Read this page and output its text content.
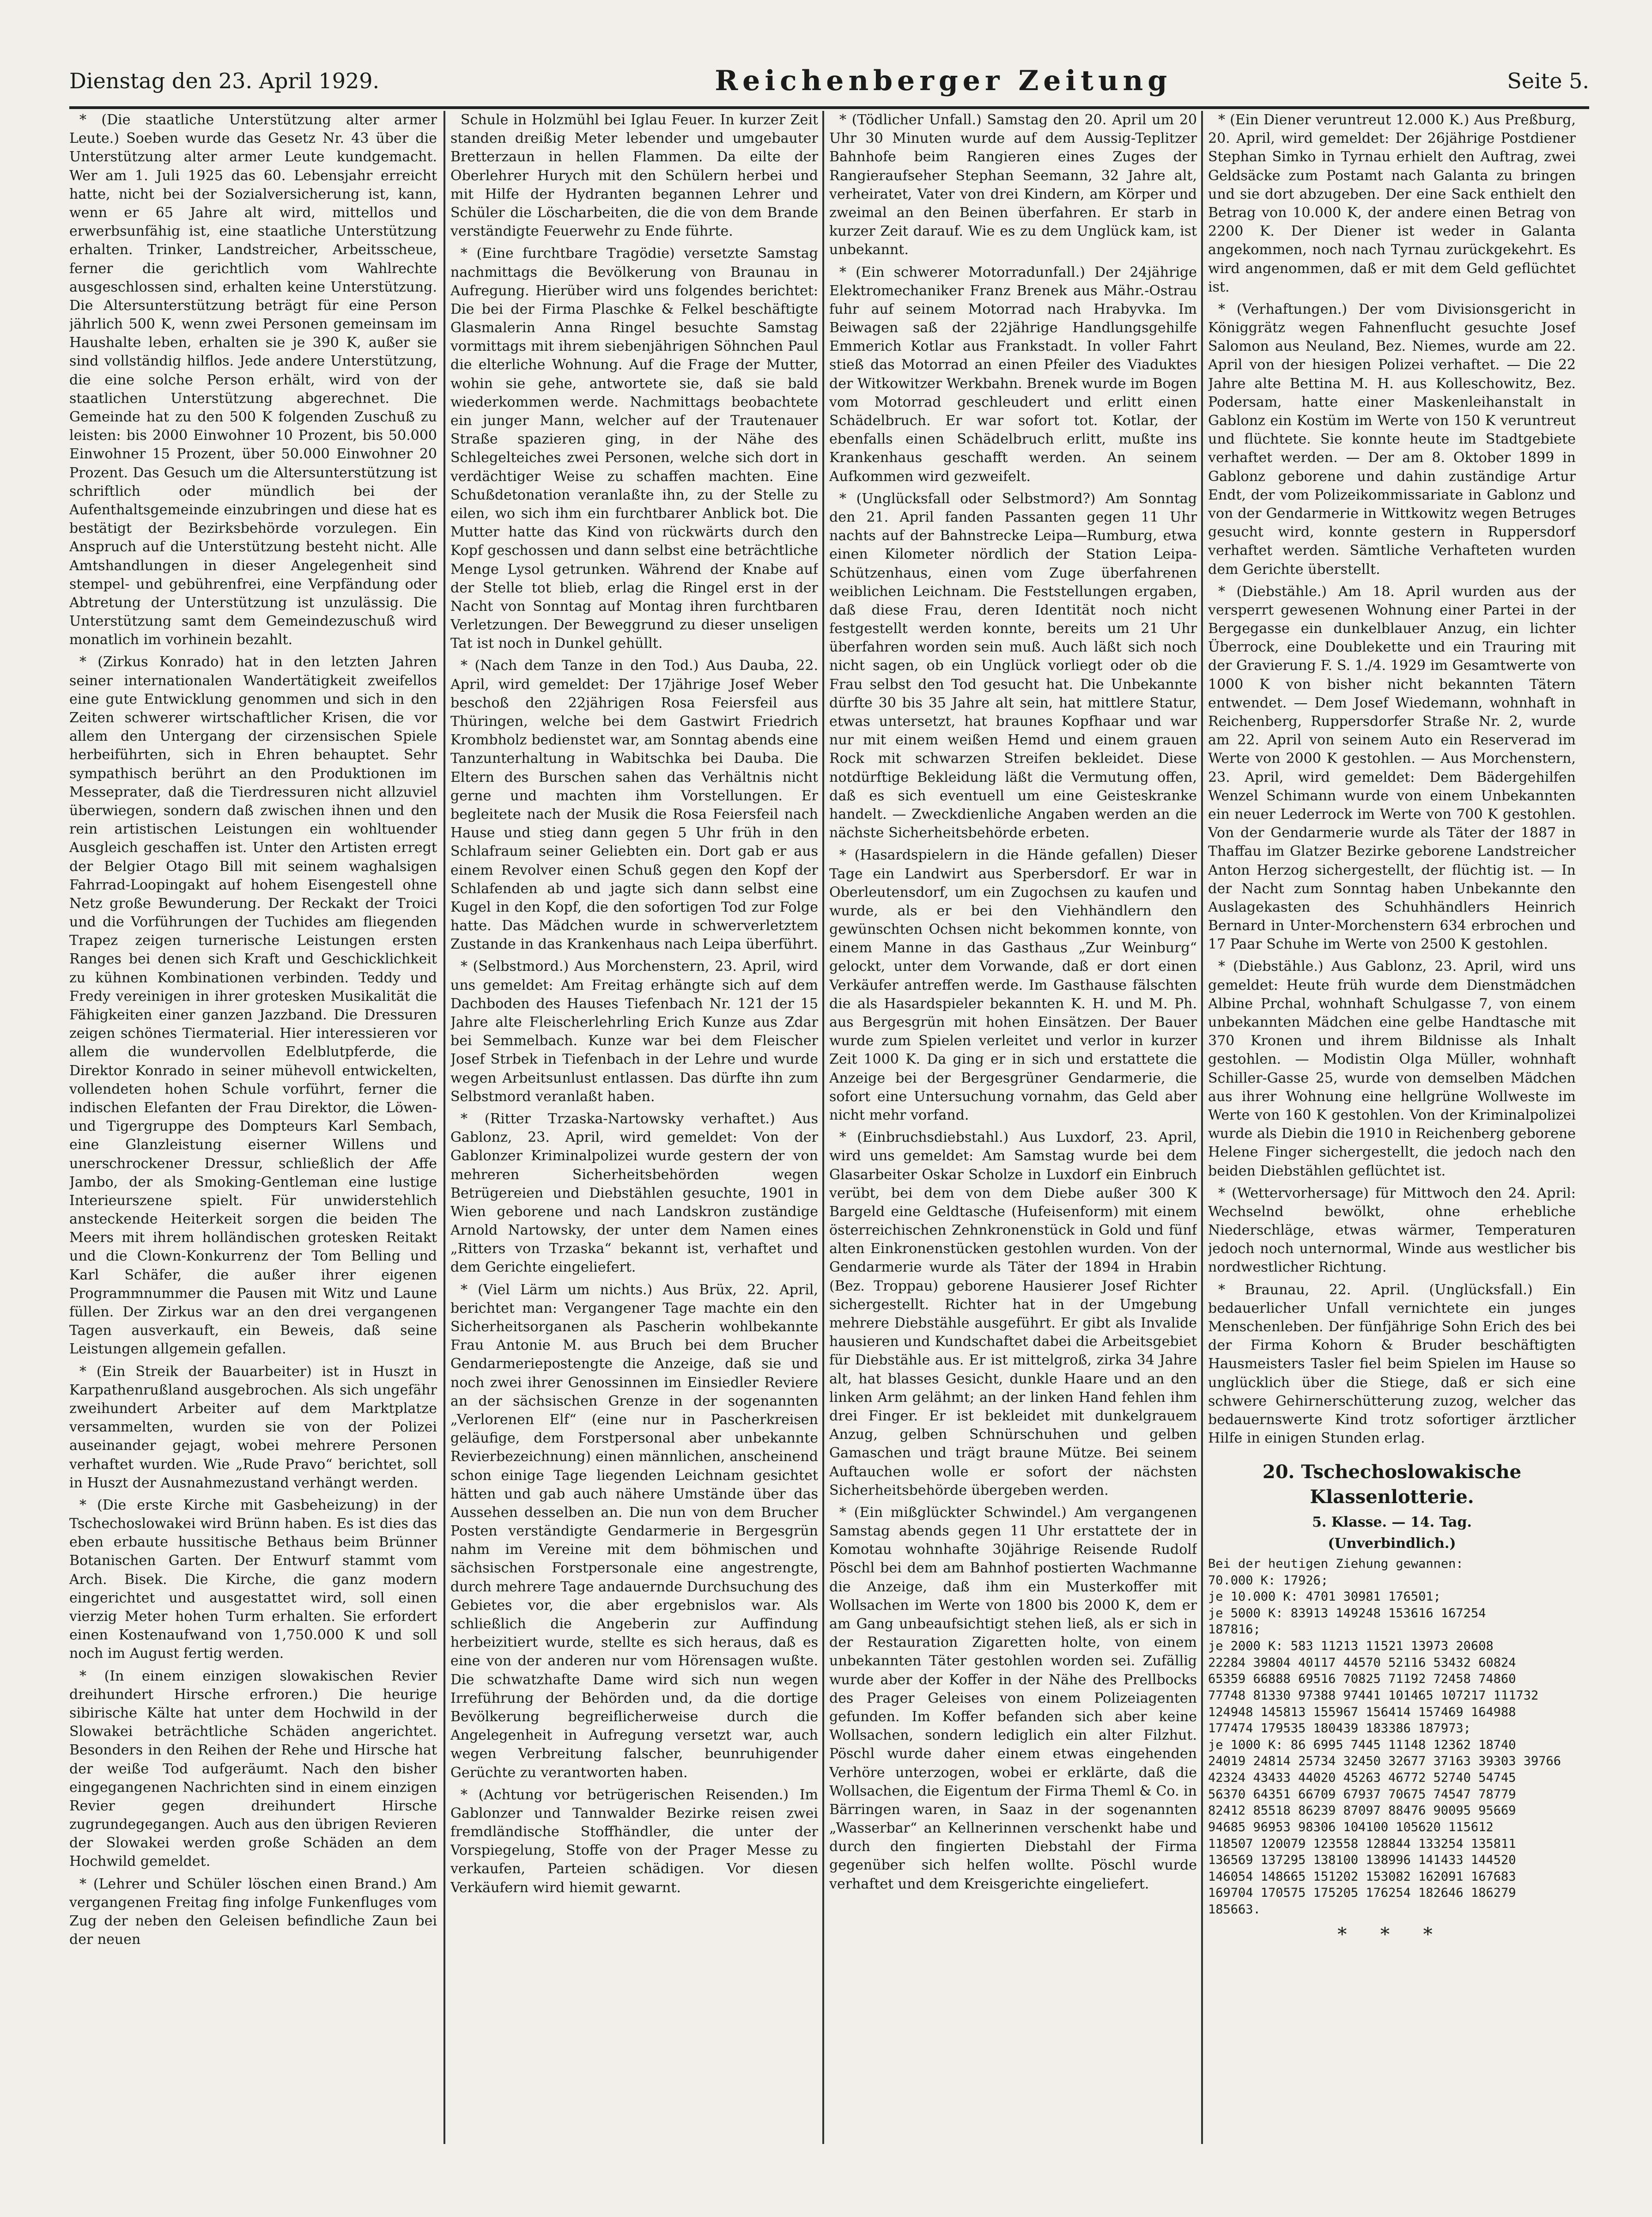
Dienstag den 23. April 1929.	Reichenberger Zeitung	Seite 5.

* (Die staatliche Unterstützung alter armer Leute.) Soeben wurde das Gesetz Nr. 43 über die Unterstützung alter armer Leute kundgemacht. Wer am 1. Juli 1925 das 60. Lebensjahr erreicht hatte, nicht bei der Sozialversicherung ist, kann, wenn er 65 Jahre alt wird, mittellos und erwerbsunfähig ist, eine staatliche Unterstützung erhalten. Trinker, Landstreicher, Arbeitsscheue, ferner die gerichtlich vom Wahlrechte ausgeschlossen sind, erhalten keine Unterstützung. Die Altersunterstützung beträgt für eine Person jährlich 500 K, wenn zwei Personen gemeinsam im Haushalte leben, erhalten sie je 390 K, außer sie sind vollständig hilflos. Jede andere Unterstützung, die eine solche Person erhält, wird von der staatlichen Unterstützung abgerechnet. Die Gemeinde hat zu den 500 K folgenden Zuschuß zu leisten: bis 2000 Einwohner 10 Prozent, bis 50.000 Einwohner 15 Prozent, über 50.000 Einwohner 20 Prozent. Das Gesuch um die Altersunterstützung ist schriftlich oder mündlich bei der Aufenthaltsgemeinde einzubringen und diese hat es bestätigt der Bezirksbehörde vorzulegen. Ein Anspruch auf die Unterstützung besteht nicht. Alle Amtshandlungen in dieser Angelegenheit sind stempel- und gebührenfrei, eine Verpfändung oder Abtretung der Unterstützung ist unzulässig. Die Unterstützung samt dem Gemeindezuschuß wird monatlich im vorhinein bezahlt.

* (Zirkus Konrado) hat in den letzten Jahren seiner internationalen Wandertätigkeit zweifellos eine gute Entwicklung genommen und sich in den Zeiten schwerer wirtschaftlicher Krisen, die vor allem den Untergang der cirzensischen Spiele herbeiführten, sich in Ehren behauptet. Sehr sympathisch berührt an den Produktionen im Messeprater, daß die Tierdressuren nicht allzuviel überwiegen, sondern daß zwischen ihnen und den rein artistischen Leistungen ein wohltuender Ausgleich geschaffen ist. Unter den Artisten erregt der Belgier Otago Bill mit seinem waghalsigen Fahrrad-Loopingakt auf hohem Eisengestell ohne Netz große Bewunderung. Der Reckakt der Troici und die Vorführungen der Tuchides am fliegenden Trapez zeigen turnerische Leistungen ersten Ranges bei denen sich Kraft und Geschicklichkeit zu kühnen Kombinationen verbinden. Teddy und Fredy vereinigen in ihrer grotesken Musikalität die Fähigkeiten einer ganzen Jazzband. Die Dressuren zeigen schönes Tiermaterial. Hier interessieren vor allem die wundervollen Edelblutpferde, die Direktor Konrado in seiner mühevoll entwickelten, vollendeten hohen Schule vorführt, ferner die indischen Elefanten der Frau Direktor, die Löwen- und Tigergruppe des Dompteurs Karl Sembach, eine Glanzleistung eiserner Willens und unerschrockener Dressur, schließlich der Affe Jambo, der als Smoking-Gentleman eine lustige Interieurszene spielt. Für unwiderstehlich ansteckende Heiterkeit sorgen die beiden The Meers mit ihrem holländischen grotesken Reitakt und die Clown-Konkurrenz der Tom Belling und Karl Schäfer, die außer ihrer eigenen Programmnummer die Pausen mit Witz und Laune füllen. Der Zirkus war an den drei vergangenen Tagen ausverkauft, ein Beweis, daß seine Leistungen allgemein gefallen.

* (Ein Streik der Bauarbeiter) ist in Huszt in Karpathenrußland ausgebrochen. Als sich ungefähr zweihundert Arbeiter auf dem Marktplatze versammelten, wurden sie von der Polizei auseinander gejagt, wobei mehrere Personen verhaftet wurden. Wie „Rude Pravo“ berichtet, soll in Huszt der Ausnahmezustand verhängt werden.

* (Die erste Kirche mit Gasbeheizung) in der Tschechoslowakei wird Brünn haben. Es ist dies das eben erbaute hussitische Bethaus beim Brünner Botanischen Garten. Der Entwurf stammt vom Arch. Bisek. Die Kirche, die ganz modern eingerichtet und ausgestattet wird, soll einen vierzig Meter hohen Turm erhalten. Sie erfordert einen Kostenaufwand von 1,750.000 K und soll noch im August fertig werden.

* (In einem einzigen slowakischen Revier dreihundert Hirsche erfroren.) Die heurige sibirische Kälte hat unter dem Hochwild in der Slowakei beträchtliche Schäden angerichtet. Besonders in den Reihen der Rehe und Hirsche hat der weiße Tod aufgeräumt. Nach den bisher eingegangenen Nachrichten sind in einem einzigen Revier gegen dreihundert Hirsche zugrundegegangen. Auch aus den übrigen Revieren der Slowakei werden große Schäden an dem Hochwild gemeldet.

* (Lehrer und Schüler löschen einen Brand.) Am vergangenen Freitag fing infolge Funkenfluges vom Zug der neben den Geleisen befindliche Zaun bei der neuen

Schule in Holzmühl bei Iglau Feuer. In kurzer Zeit standen dreißig Meter lebender und umgebauter Bretterzaun in hellen Flammen. Da eilte der Oberlehrer Hurych mit den Schülern herbei und mit Hilfe der Hydranten begannen Lehrer und Schüler die Löscharbeiten, die die von dem Brande verständigte Feuerwehr zu Ende führte.

* (Eine furchtbare Tragödie) versetzte Samstag nachmittags die Bevölkerung von Braunau in Aufregung. Hierüber wird uns folgendes berichtet: Die bei der Firma Plaschke & Felkel beschäftigte Glasmalerin Anna Ringel besuchte Samstag vormittags mit ihrem siebenjährigen Söhnchen Paul die elterliche Wohnung. Auf die Frage der Mutter, wohin sie gehe, antwortete sie, daß sie bald wiederkommen werde. Nachmittags beobachtete ein junger Mann, welcher auf der Trautenauer Straße spazieren ging, in der Nähe des Schlegelteiches zwei Personen, welche sich dort in verdächtiger Weise zu schaffen machten. Eine Schußdetonation veranlaßte ihn, zu der Stelle zu eilen, wo sich ihm ein furchtbarer Anblick bot. Die Mutter hatte das Kind von rückwärts durch den Kopf geschossen und dann selbst eine beträchtliche Menge Lysol getrunken. Während der Knabe auf der Stelle tot blieb, erlag die Ringel erst in der Nacht von Sonntag auf Montag ihren furchtbaren Verletzungen. Der Beweggrund zu dieser unseligen Tat ist noch in Dunkel gehüllt.

* (Nach dem Tanze in den Tod.) Aus Dauba, 22. April, wird gemeldet: Der 17jährige Josef Weber beschoß den 22jährigen Rosa Feiersfeil aus Thüringen, welche bei dem Gastwirt Friedrich Krombholz bedienstet war, am Sonntag abends eine Tanzunterhaltung in Wabitschka bei Dauba. Die Eltern des Burschen sahen das Verhältnis nicht gerne und machten ihm Vorstellungen. Er begleitete nach der Musik die Rosa Feiersfeil nach Hause und stieg dann gegen 5 Uhr früh in den Schlafraum seiner Geliebten ein. Dort gab er aus einem Revolver einen Schuß gegen den Kopf der Schlafenden ab und jagte sich dann selbst eine Kugel in den Kopf, die den sofortigen Tod zur Folge hatte. Das Mädchen wurde in schwerverletztem Zustande in das Krankenhaus nach Leipa überführt.

* (Selbstmord.) Aus Morchenstern, 23. April, wird uns gemeldet: Am Freitag erhängte sich auf dem Dachboden des Hauses Tiefenbach Nr. 121 der 15 Jahre alte Fleischerlehrling Erich Kunze aus Zdar bei Semmelbach. Kunze war bei dem Fleischer Josef Strbek in Tiefenbach in der Lehre und wurde wegen Arbeitsunlust entlassen. Das dürfte ihn zum Selbstmord veranlaßt haben.

* (Ritter Trzaska-Nartowsky verhaftet.) Aus Gablonz, 23. April, wird gemeldet: Von der Gablonzer Kriminalpolizei wurde gestern der von mehreren Sicherheitsbehörden wegen Betrügereien und Diebstählen gesuchte, 1901 in Wien geborene und nach Landskron zuständige Arnold Nartowsky, der unter dem Namen eines „Ritters von Trzaska“ bekannt ist, verhaftet und dem Gerichte eingeliefert.

* (Viel Lärm um nichts.) Aus Brüx, 22. April, berichtet man: Vergangener Tage machte ein den Sicherheitsorganen als Pascherin wohlbekannte Frau Antonie M. aus Bruch bei dem Brucher Gendarmeriepostengte die Anzeige, daß sie und noch zwei ihrer Genossinnen im Einsiedler Reviere an der sächsischen Grenze in der sogenannten „Verlorenen Elf“ (eine nur in Pascherkreisen geläufige, dem Forstpersonal aber unbekannte Revierbezeichnung) einen männlichen, anscheinend schon einige Tage liegenden Leichnam gesichtet hätten und gab auch nähere Umstände über das Aussehen desselben an. Die nun von dem Brucher Posten verständigte Gendarmerie in Bergesgrün nahm im Vereine mit dem böhmischen und sächsischen Forstpersonale eine angestrengte, durch mehrere Tage andauernde Durchsuchung des Gebietes vor, die aber ergebnislos war. Als schließlich die Angeberin zur Auffindung herbeizitiert wurde, stellte es sich heraus, daß es eine von der anderen nur vom Hörensagen wußte. Die schwatzhafte Dame wird sich nun wegen Irreführung der Behörden und, da die dortige Bevölkerung begreiflicherweise durch die Angelegenheit in Aufregung versetzt war, auch wegen Verbreitung falscher, beunruhigender Gerüchte zu verantworten haben.

* (Achtung vor betrügerischen Reisenden.) Im Gablonzer und Tannwalder Bezirke reisen zwei fremdländische Stoffhändler, die unter der Vorspiegelung, Stoffe von der Prager Messe zu verkaufen, Parteien schädigen. Vor diesen Verkäufern wird hiemit gewarnt.

* (Tödlicher Unfall.) Samstag den 20. April um 20 Uhr 30 Minuten wurde auf dem Aussig-Teplitzer Bahnhofe beim Rangieren eines Zuges der Rangieraufseher Stephan Seemann, 32 Jahre alt, verheiratet, Vater von drei Kindern, am Körper und zweimal an den Beinen überfahren. Er starb in kurzer Zeit darauf. Wie es zu dem Unglück kam, ist unbekannt.

* (Ein schwerer Motorradunfall.) Der 24jährige Elektromechaniker Franz Brenek aus Mähr.-Ostrau fuhr auf seinem Motorrad nach Hrabyvka. Im Beiwagen saß der 22jährige Handlungsgehilfe Emmerich Kotlar aus Frankstadt. In voller Fahrt stieß das Motorrad an einen Pfeiler des Viaduktes der Witkowitzer Werkbahn. Brenek wurde im Bogen vom Motorrad geschleudert und erlitt einen Schädelbruch. Er war sofort tot. Kotlar, der ebenfalls einen Schädelbruch erlitt, mußte ins Krankenhaus geschafft werden. An seinem Aufkommen wird gezweifelt.

* (Unglücksfall oder Selbstmord?) Am Sonntag den 21. April fanden Passanten gegen 11 Uhr nachts auf der Bahnstrecke Leipa—Rumburg, etwa einen Kilometer nördlich der Station Leipa-Schützenhaus, einen vom Zuge überfahrenen weiblichen Leichnam. Die Feststellungen ergaben, daß diese Frau, deren Identität noch nicht festgestellt werden konnte, bereits um 21 Uhr überfahren worden sein muß. Auch läßt sich noch nicht sagen, ob ein Unglück vorliegt oder ob die Frau selbst den Tod gesucht hat. Die Unbekannte dürfte 30 bis 35 Jahre alt sein, hat mittlere Statur, etwas untersetzt, hat braunes Kopfhaar und war nur mit einem weißen Hemd und einem grauen Rock mit schwarzen Streifen bekleidet. Diese notdürftige Bekleidung läßt die Vermutung offen, daß es sich eventuell um eine Geisteskranke handelt. — Zweckdienliche Angaben werden an die nächste Sicherheitsbehörde erbeten.

* (Hasardspielern in die Hände gefallen) Dieser Tage ein Landwirt aus Sperbersdorf. Er war in Oberleutensdorf, um ein Zugochsen zu kaufen und wurde, als er bei den Viehhändlern den gewünschten Ochsen nicht bekommen konnte, von einem Manne in das Gasthaus „Zur Weinburg“ gelockt, unter dem Vorwande, daß er dort einen Verkäufer antreffen werde. Im Gasthause fälschten die als Hasardspieler bekannten K. H. und M. Ph. aus Bergesgrün mit hohen Einsätzen. Der Bauer wurde zum Spielen verleitet und verlor in kurzer Zeit 1000 K. Da ging er in sich und erstattete die Anzeige bei der Bergesgrüner Gendarmerie, die sofort eine Untersuchung vornahm, das Geld aber nicht mehr vorfand.

* (Einbruchsdiebstahl.) Aus Luxdorf, 23. April, wird uns gemeldet: Am Samstag wurde bei dem Glasarbeiter Oskar Scholze in Luxdorf ein Einbruch verübt, bei dem von dem Diebe außer 300 K Bargeld eine Geldtasche (Hufeisenform) mit einem österreichischen Zehnkronenstück in Gold und fünf alten Einkronenstücken gestohlen wurden. Von der Gendarmerie wurde als Täter der 1894 in Hrabin (Bez. Troppau) geborene Hausierer Josef Richter sichergestellt. Richter hat in der Umgebung mehrere Diebstähle ausgeführt. Er gibt als Invalide hausieren und Kundschaftet dabei die Arbeitsgebiet für Diebstähle aus. Er ist mittelgroß, zirka 34 Jahre alt, hat blasses Gesicht, dunkle Haare und an den linken Arm gelähmt; an der linken Hand fehlen ihm drei Finger. Er ist bekleidet mit dunkelgrauem Anzug, gelben Schnürschuhen und gelben Gamaschen und trägt braune Mütze. Bei seinem Auftauchen wolle er sofort der nächsten Sicherheitsbehörde übergeben werden.

* (Ein mißglückter Schwindel.) Am vergangenen Samstag abends gegen 11 Uhr erstattete der in Komotau wohnhafte 30jährige Reisende Rudolf Pöschl bei dem am Bahnhof postierten Wachmanne die Anzeige, daß ihm ein Musterkoffer mit Wollsachen im Werte von 1800 bis 2000 K, dem er am Gang unbeaufsichtigt stehen ließ, als er sich in der Restauration Zigaretten holte, von einem unbekannten Täter gestohlen worden sei. Zufällig wurde aber der Koffer in der Nähe des Prellbocks des Prager Geleises von einem Polizeiagenten gefunden. Im Koffer befanden sich aber keine Wollsachen, sondern lediglich ein alter Filzhut. Pöschl wurde daher einem etwas eingehenden Verhöre unterzogen, wobei er erklärte, daß die Wollsachen, die Eigentum der Firma Theml & Co. in Bärringen waren, in Saaz in der sogenannten „Wasserbar“ an Kellnerinnen verschenkt habe und durch den fingierten Diebstahl der Firma gegenüber sich helfen wollte. Pöschl wurde verhaftet und dem Kreisgerichte eingeliefert.

* (Ein Diener veruntreut 12.000 K.) Aus Preßburg, 20. April, wird gemeldet: Der 26jährige Postdiener Stephan Simko in Tyrnau erhielt den Auftrag, zwei Geldsäcke zum Postamt nach Galanta zu bringen und sie dort abzugeben. Der eine Sack enthielt den Betrag von 10.000 K, der andere einen Betrag von 2200 K. Der Diener ist weder in Galanta angekommen, noch nach Tyrnau zurückgekehrt. Es wird angenommen, daß er mit dem Geld geflüchtet ist.

* (Verhaftungen.) Der vom Divisionsgericht in Königgrätz wegen Fahnenflucht gesuchte Josef Salomon aus Neuland, Bez. Niemes, wurde am 22. April von der hiesigen Polizei verhaftet. — Die 22 Jahre alte Bettina M. H. aus Kolleschowitz, Bez. Podersam, hatte einer Maskenleihanstalt in Gablonz ein Kostüm im Werte von 150 K veruntreut und flüchtete. Sie konnte heute im Stadtgebiete verhaftet werden. — Der am 8. Oktober 1899 in Gablonz geborene und dahin zuständige Artur Endt, der vom Polizeikommissariate in Gablonz und von der Gendarmerie in Wittkowitz wegen Betruges gesucht wird, konnte gestern in Ruppersdorf verhaftet werden. Sämtliche Verhafteten wurden dem Gerichte überstellt.

* (Diebstähle.) Am 18. April wurden aus der versperrt gewesenen Wohnung einer Partei in der Bergegasse ein dunkelblauer Anzug, ein lichter Überrock, eine Doublekette und ein Trauring mit der Gravierung F. S. 1./4. 1929 im Gesamtwerte von 1000 K von bisher nicht bekannten Tätern entwendet. — Dem Josef Wiedemann, wohnhaft in Reichenberg, Ruppersdorfer Straße Nr. 2, wurde am 22. April von seinem Auto ein Reserverad im Werte von 2000 K gestohlen. — Aus Morchenstern, 23. April, wird gemeldet: Dem Bädergehilfen Wenzel Schimann wurde von einem Unbekannten ein neuer Lederrock im Werte von 700 K gestohlen. Von der Gendarmerie wurde als Täter der 1887 in Thaffau im Glatzer Bezirke geborene Landstreicher Anton Herzog sichergestellt, der flüchtig ist. — In der Nacht zum Sonntag haben Unbekannte den Auslagekasten des Schuhhändlers Heinrich Bernard in Unter-Morchenstern 634 erbrochen und 17 Paar Schuhe im Werte von 2500 K gestohlen.

* (Diebstähle.) Aus Gablonz, 23. April, wird uns gemeldet: Heute früh wurde dem Dienstmädchen Albine Prchal, wohnhaft Schulgasse 7, von einem unbekannten Mädchen eine gelbe Handtasche mit 370 Kronen und ihrem Bildnisse als Inhalt gestohlen. — Modistin Olga Müller, wohnhaft Schiller-Gasse 25, wurde von demselben Mädchen aus ihrer Wohnung eine hellgrüne Wollweste im Werte von 160 K gestohlen. Von der Kriminalpolizei wurde als Diebin die 1910 in Reichenberg geborene Helene Finger sichergestellt, die jedoch nach den beiden Diebstählen geflüchtet ist.

* (Wettervorhersage) für Mittwoch den 24. April: Wechselnd bewölkt, ohne erhebliche Niederschläge, etwas wärmer, Temperaturen jedoch noch unternormal, Winde aus westlicher bis nordwestlicher Richtung.

* Braunau, 22. April. (Unglücksfall.) Ein bedauerlicher Unfall vernichtete ein junges Menschenleben. Der fünfjährige Sohn Erich des bei der Firma Kohorn & Bruder beschäftigten Hausmeisters Tasler fiel beim Spielen im Hause so unglücklich über die Stiege, daß er sich eine schwere Gehirnerschütterung zuzog, welcher das bedauernswerte Kind trotz sofortiger ärztlicher Hilfe in einigen Stunden erlag.

20. Tschechoslowakische Klassenlotterie.
5. Klasse. — 14. Tag.
(Unverbindlich.)
Bei der heutigen Ziehung gewannen:
70.000 K: 17926;
je 10.000 K: 4701 30981 176501;
je 5000 K: 83913 149248 153616 167254
187816;
je 2000 K: 583 11213 11521 13973 20608
22284 39804 40117 44570 52116 53432 60824
65359 66888 69516 70825 71192 72458 74860
77748 81330 97388 97441 101465 107217 111732
124948 145813 155967 156414 157469 164988
177474 179535 180439 183386 187973;
je 1000 K: 86 6995 7445 11148 12362 18740
24019 24814 25734 32450 32677 37163 39303 39766
42324 43433 44020 45263 46772 52740 54745
56370 64351 66709 67937 70675 74547 78779
82412 85518 86239 87097 88476 90095 95669
94685 96953 98306 104100 105620 115612
118507 120079 123558 128844 133254 135811
136569 137295 138100 138996 141433 144520
146054 148665 151202 153082 162091 167683
169704 170575 175205 176254 182646 186279
185663.
* * *
